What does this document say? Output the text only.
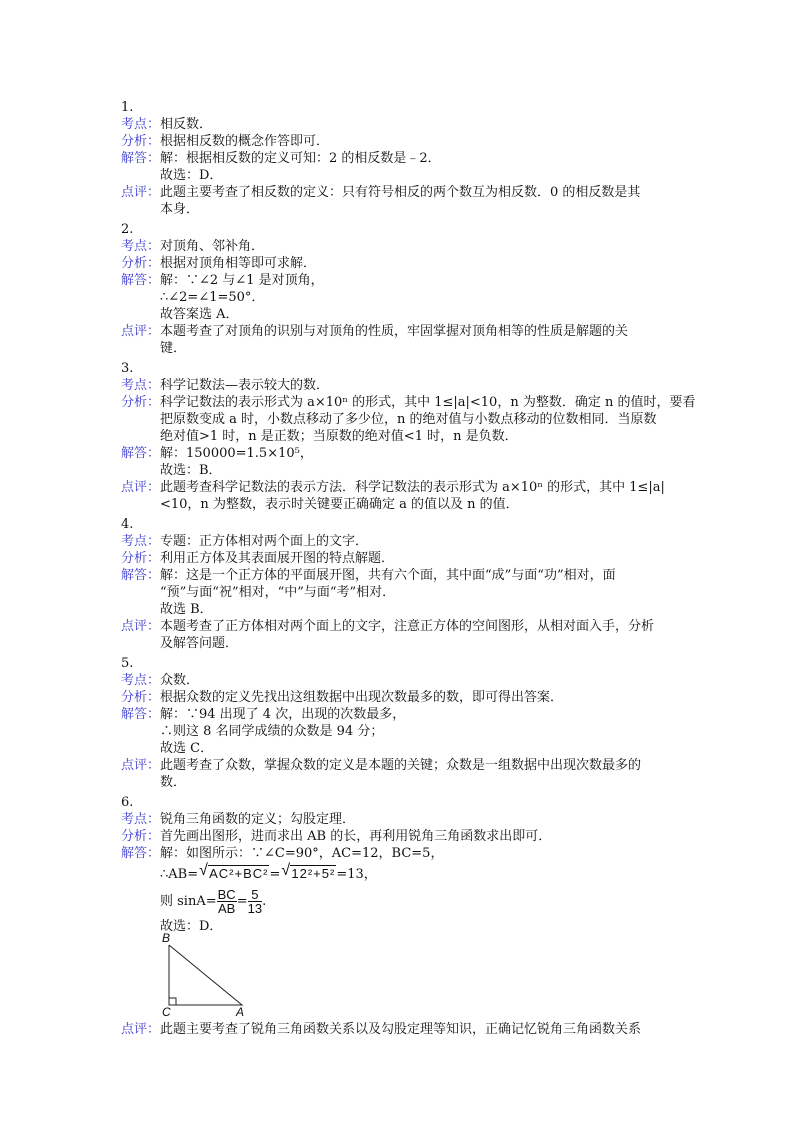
1.
考点： 相反数．
分析： 根据相反数的概念作答即可．
解答： 解：根据相反数的定义可知：2 的相反数是﹣2．
故选：D．
点评： 此题主要考查了相反数的定义：只有符号相反的两个数互为相反数．0 的相反数是其
本身．
2.
考点： 对顶角、邻补角．
分析： 根据对顶角相等即可求解．
解答： 解：∵∠2 与∠1 是对顶角，
∴∠2=∠1=50°．
故答案选 A．
点评： 本题考查了对顶角的识别与对顶角的性质，牢固掌握对顶角相等的性质是解题的关
键．
3.
考点： 科学记数法—表示较大的数．
分析： 科学记数法的表示形式为 a×10ⁿ 的形式，其中 1≤|a|<10，n 为整数．确定 n 的值时，要看
把原数变成 a 时，小数点移动了多少位，n 的绝对值与小数点移动的位数相同．当原数
绝对值>1 时，n 是正数；当原数的绝对值<1 时，n 是负数．
解答： 解：150000=1.5×10⁵，
故选：B．
点评： 此题考查科学记数法的表示方法．科学记数法的表示形式为 a×10ⁿ 的形式，其中 1≤|a|
<10，n 为整数，表示时关键要正确确定 a 的值以及 n 的值．
4.
考点： 专题：正方体相对两个面上的文字．
分析： 利用正方体及其表面展开图的特点解题．
解答： 解：这是一个正方体的平面展开图，共有六个面，其中面“成”与面“功”相对，面
“预”与面“祝”相对，“中”与面“考”相对．
故选 B．
点评： 本题考查了正方体相对两个面上的文字，注意正方体的空间图形，从相对面入手，分析
及解答问题．
5.
考点： 众数．
分析： 根据众数的定义先找出这组数据中出现次数最多的数，即可得出答案．
解答： 解：∵94 出现了 4 次，出现的次数最多，
∴则这 8 名同学成绩的众数是 94 分；
故选 C．
点评： 此题考查了众数，掌握众数的定义是本题的关键；众数是一组数据中出现次数最多的
数．
6.
考点： 锐角三角函数的定义；勾股定理．
分析： 首先画出图形，进而求出 AB 的长，再利用锐角三角函数求出即可．
解答： 解：如图所示：∵∠C=90°，AC=12，BC=5，
∴AB= √ AC²+BC²= √ 12²+5²=13，
则 $\sin A= \frac{BC}{AB} = \frac{5}{13}$ .
故选：D．
B
C	A
点评： 此题主要考查了锐角三角函数关系以及勾股定理等知识，正确记忆锐角三角函数关系
